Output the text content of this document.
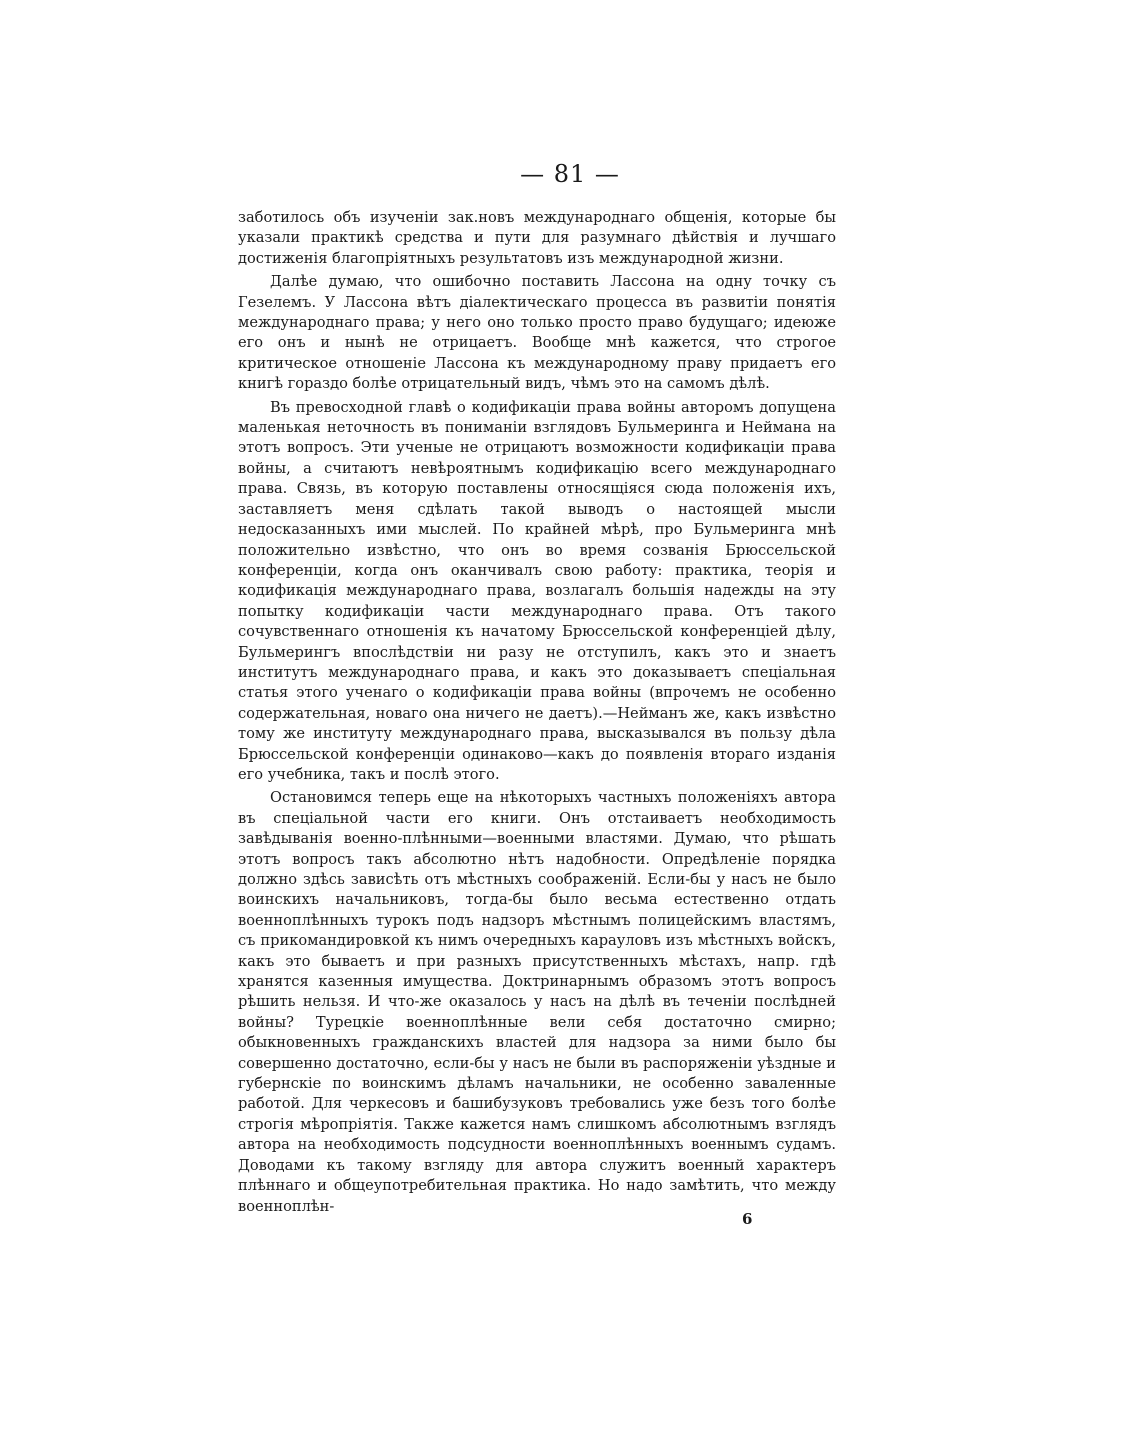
— 81 —

заботилось объ изученiи зак.новъ международнаго общенiя, которые бы указали практикѣ средства и пути для разумнаго дѣйствiя и лучшаго достиженiя благопрiятныхъ результатовъ изъ международной жизни.

Далѣе думаю, что ошибочно поставить Лассона на одну точку съ Гезелемъ. У Лассона вѣтъ дiалектическаго процесса въ развитiи понятiя международнаго права; у него оно только просто право будущаго; идеюже его онъ и нынѣ не отрицаетъ. Вообще мнѣ кажется, что строгое критическое отношенiе Лассона къ международному праву придаетъ его книгѣ гораздо болѣе отрицательный видъ, чѣмъ это на самомъ дѣлѣ.

Въ превосходной главѣ о кодификацiи права войны авторомъ допущена маленькая неточность въ пониманiи взглядовъ Бульмеринга и Неймана на этотъ вопросъ. Эти ученые не отрицаютъ возможности кодификацiи права войны, а считаютъ невѣроятнымъ кодификацiю всего международнаго права. Связь, въ которую поставлены относящiяся сюда положенiя ихъ, заставляетъ меня сдѣлать такой выводъ о настоящей мысли недосказанныхъ ими мыслей. По крайней мѣрѣ, про Бульмеринга мнѣ положительно извѣстно, что онъ во время созванiя Брюссельской конференцiи, когда онъ оканчивалъ свою работу: практика, теорiя и кодификацiя международнаго права, возлагалъ большiя надежды на эту попытку кодификацiи части международнаго права. Отъ такого сочувственнаго отношенiя къ начатому Брюссельской конференцiей дѣлу, Бульмерингъ впослѣдствiи ни разу не отступилъ, какъ это и знаетъ институтъ международнаго права, и какъ это доказываетъ спецiальная статья этого ученаго о кодификацiи права войны (впрочемъ не особенно содержательная, новаго она ничего не даетъ).—Нейманъ же, какъ извѣстно тому же институту международнаго права, высказывался въ пользу дѣла Брюссельской конференцiи одинаково—какъ до появленiя втораго изданiя его учебника, такъ и послѣ этого.

Остановимся теперь еще на нѣкоторыхъ частныхъ положенiяхъ автора въ спецiальной части его книги. Онъ отстаиваетъ необходимость завѣдыванiя военно-плѣнными—военными властями. Думаю, что рѣшать этотъ вопросъ такъ абсолютно нѣтъ надобности. Опредѣленiе порядка должно здѣсь зависѣть отъ мѣстныхъ соображенiй. Если-бы у насъ не было воинскихъ начальниковъ, тогда-бы было весьма естественно отдать военноплѣнныхъ турокъ подъ надзоръ мѣстнымъ полицейскимъ властямъ, съ прикомандировкой къ нимъ очередныхъ карауловъ изъ мѣстныхъ войскъ, какъ это бываетъ и при разныхъ присутственныхъ мѣстахъ, напр. гдѣ хранятся казенныя имущества. Доктринарнымъ образомъ этотъ вопросъ рѣшить нельзя. И что-же оказалось у насъ на дѣлѣ въ теченiи послѣдней войны? Турецкiе военноплѣнные вели себя достаточно смирно; обыкновенныхъ гражданскихъ властей для надзора за ними было бы совершенно достаточно, если-бы у насъ не были въ распоряженiи уѣздные и губернскiе по воинскимъ дѣламъ начальники, не особенно заваленные работой. Для черкесовъ и башибузуковъ требовались уже безъ того болѣе строгiя мѣропрiятiя. Также кажется намъ слишкомъ абсолютнымъ взглядъ автора на необходимость подсудности военноплѣнныхъ военнымъ судамъ. Доводами къ такому взгляду для автора служитъ военный характеръ плѣннаго и общеупотребительная практика. Но надо замѣтить, что между военноплѣн-

6
